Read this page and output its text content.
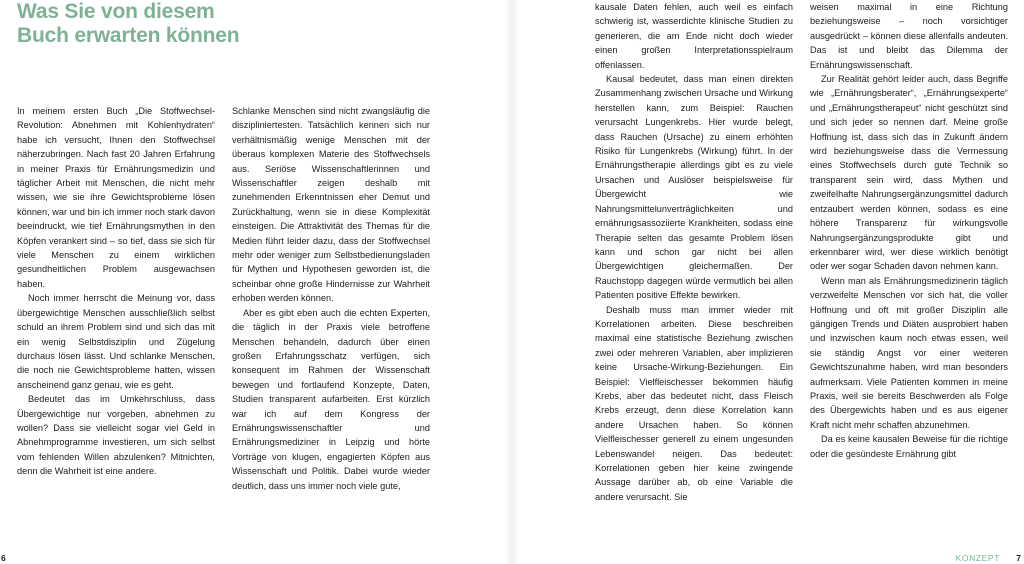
Was Sie von diesem Buch erwarten können

In meinem ersten Buch „Die Stoffwechsel-Revolution: Abnehmen mit Kohlenhydraten“ habe ich versucht, Ihnen den Stoffwechsel näherzubringen. Nach fast 20 Jahren Erfahrung in meiner Praxis für Ernährungsmedizin und täglicher Arbeit mit Menschen, die nicht mehr wissen, wie sie ihre Gewichtsprobleme lösen können, war und bin ich immer noch stark davon beeindruckt, wie tief Ernährungsmythen in den Köpfen verankert sind – so tief, dass sie sich für viele Menschen zu einem wirklichen gesundheitlichen Problem ausgewachsen haben.

Noch immer herrscht die Meinung vor, dass übergewichtige Menschen ausschließlich selbst schuld an ihrem Problem sind und sich das mit ein wenig Selbstdisziplin und Zügelung durchaus lösen lässt. Und schlanke Menschen, die noch nie Gewichtsprobleme hatten, wissen anscheinend ganz genau, wie es geht.

Bedeutet das im Umkehrschluss, dass Übergewichtige nur vorgeben, abnehmen zu wollen? Dass sie vielleicht sogar viel Geld in Abnehmprogramme investieren, um sich selbst vom fehlenden Willen abzulenken? Mitnichten, denn die Wahrheit ist eine andere.

Schlanke Menschen sind nicht zwangsläufig die diszipliniertesten. Tatsächlich kennen sich nur verhältnismäßig wenige Menschen mit der überaus komplexen Materie des Stoffwechsels aus. Seriöse Wissenschaftlerinnen und Wissenschaftler zeigen deshalb mit zunehmenden Erkenntnissen eher Demut und Zurückhaltung, wenn sie in diese Komplexität einsteigen. Die Attraktivität des Themas für die Medien führt leider dazu, dass der Stoffwechsel mehr oder weniger zum Selbstbedienungsladen für Mythen und Hypothesen geworden ist, die scheinbar ohne große Hindernisse zur Wahrheit erhoben werden können.

Aber es gibt eben auch die echten Experten, die täglich in der Praxis viele betroffene Menschen behandeln, dadurch über einen großen Erfahrungsschatz verfügen, sich konsequent im Rahmen der Wissenschaft bewegen und fortlaufend Konzepte, Daten, Studien transparent aufarbeiten. Erst kürzlich war ich auf dem Kongress der Ernährungswissenschaftler und Ernährungsmediziner in Leipzig und hörte Vorträge von klugen, engagierten Köpfen aus Wissenschaft und Politik. Dabei wurde wieder deutlich, dass uns immer noch viele gute,

6

kausale Daten fehlen, auch weil es einfach schwierig ist, wasserdichte klinische Studien zu generieren, die am Ende nicht doch wieder einen großen Interpretationsspielraum offenlassen.

Kausal bedeutet, dass man einen direkten Zusammenhang zwischen Ursache und Wirkung herstellen kann, zum Beispiel: Rauchen verursacht Lungenkrebs. Hier wurde belegt, dass Rauchen (Ursache) zu einem erhöhten Risiko für Lungenkrebs (Wirkung) führt. In der Ernährungstherapie allerdings gibt es zu viele Ursachen und Auslöser beispielsweise für Übergewicht wie Nahrungsmittelunverträglichkeiten und ernährungsassoziierte Krankheiten, sodass eine Therapie selten das gesamte Problem lösen kann und schon gar nicht bei allen Übergewichtigen gleichermaßen. Der Rauchstopp dagegen würde vermutlich bei allen Patienten positive Effekte bewirken.

Deshalb muss man immer wieder mit Korrelationen arbeiten. Diese beschreiben maximal eine statistische Beziehung zwischen zwei oder mehreren Variablen, aber implizieren keine Ursache-Wirkung-Beziehungen. Ein Beispiel: Vielfleischesser bekommen häufig Krebs, aber das bedeutet nicht, dass Fleisch Krebs erzeugt, denn diese Korrelation kann andere Ursachen haben. So können Vielfleischesser generell zu einem ungesunden Lebenswandel neigen. Das bedeutet: Korrelationen geben hier keine zwingende Aussage darüber ab, ob eine Variable die andere verursacht. Sie

weisen maximal in eine Richtung beziehungsweise – noch vorsichtiger ausgedrückt – können diese allenfalls andeuten. Das ist und bleibt das Dilemma der Ernährungswissenschaft.

Zur Realität gehört leider auch, dass Begriffe wie „Ernährungsberater“, „Ernährungsexperte“ und „Ernährungstherapeut“ nicht geschützt sind und sich jeder so nennen darf. Meine große Hoffnung ist, dass sich das in Zukunft ändern wird beziehungsweise dass die Vermessung eines Stoffwechsels durch gute Technik so transparent sein wird, dass Mythen und zweifelhafte Nahrungsergänzungsmittel dadurch entzaubert werden können, sodass es eine höhere Transparenz für wirkungsvolle Nahrungsergänzungsprodukte gibt und erkennbarer wird, wer diese wirklich benötigt oder wer sogar Schaden davon nehmen kann.

Wenn man als Ernährungsmedizinerin täglich verzweifelte Menschen vor sich hat, die voller Hoffnung und oft mit großer Disziplin alle gängigen Trends und Diäten ausprobiert haben und inzwischen kaum noch etwas essen, weil sie ständig Angst vor einer weiteren Gewichtszunahme haben, wird man besonders aufmerksam. Viele Patienten kommen in meine Praxis, weil sie bereits Beschwerden als Folge des Übergewichts haben und es aus eigener Kraft nicht mehr schaffen abzunehmen.

Da es keine kausalen Beweise für die richtige oder die gesündeste Ernährung gibt

KONZEPT 7
